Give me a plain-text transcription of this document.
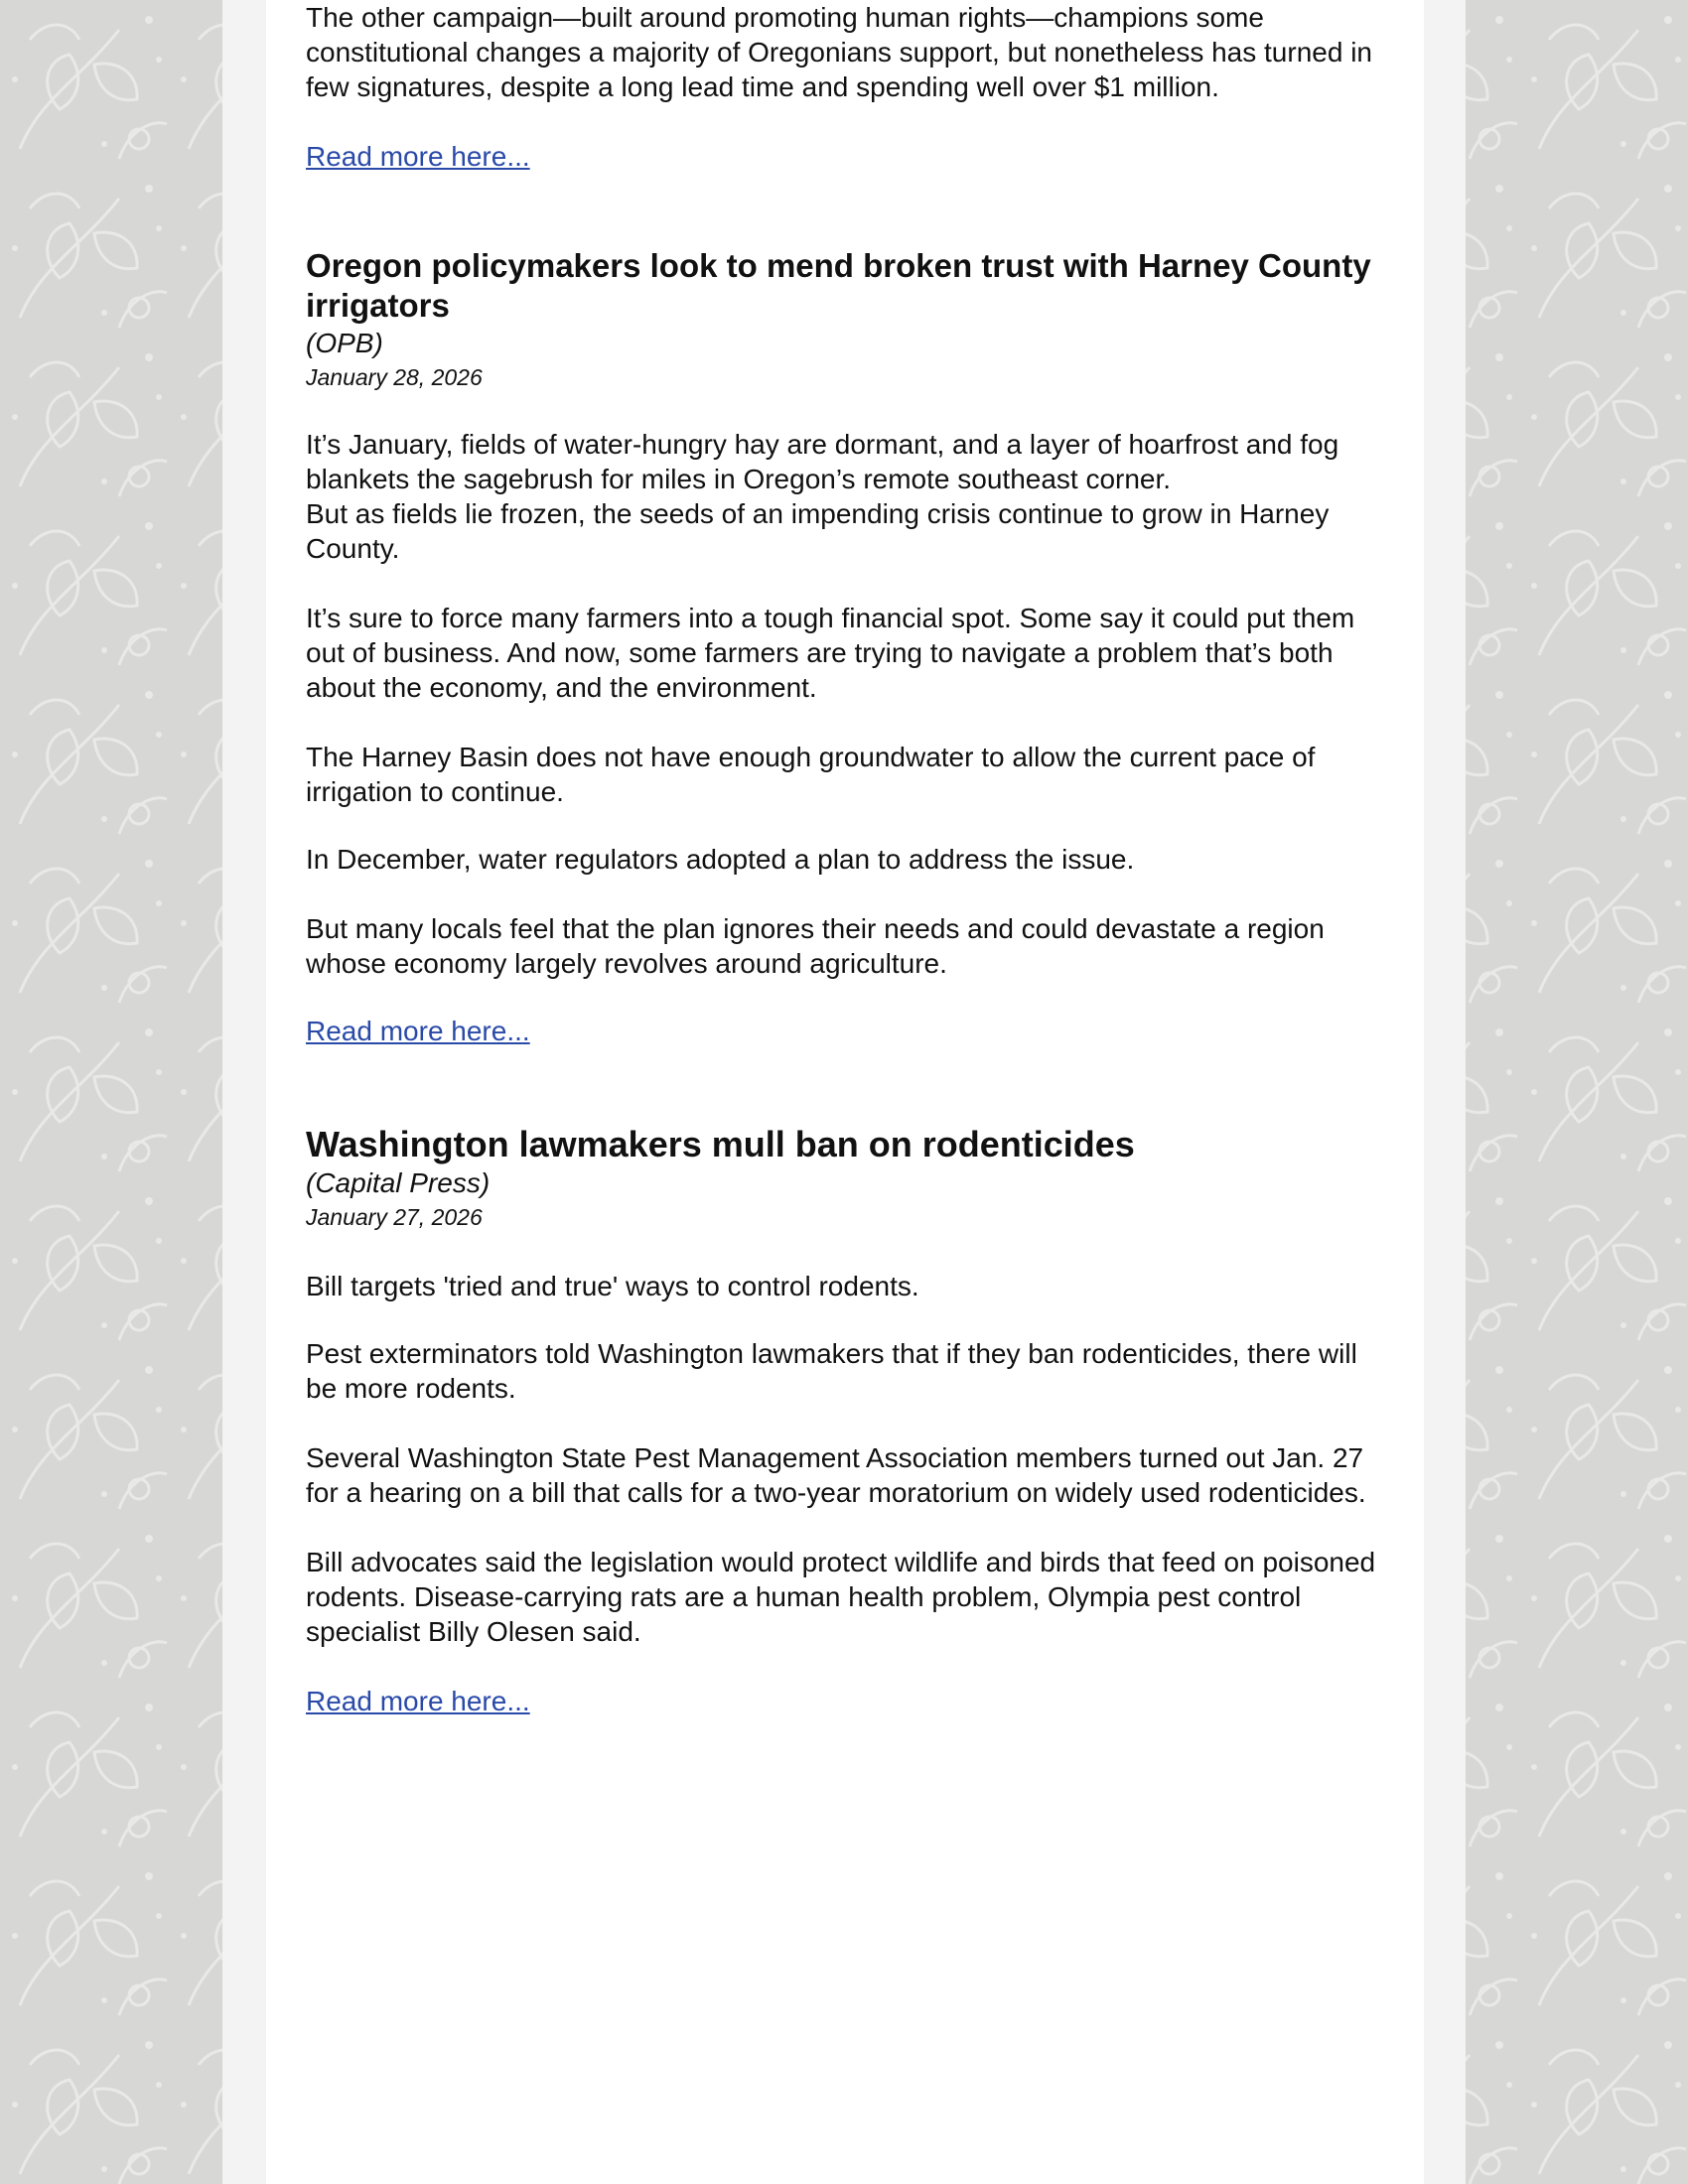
The other campaign—built around promoting human rights—champions some constitutional changes a majority of Oregonians support, but nonetheless has turned in few signatures, despite a long lead time and spending well over $1 million.

Read more here...
Oregon policymakers look to mend broken trust with Harney County irrigators
(OPB)
January 28, 2026

It’s January, fields of water-hungry hay are dormant, and a layer of hoarfrost and fog blankets the sagebrush for miles in Oregon’s remote southeast corner.

But as fields lie frozen, the seeds of an impending crisis continue to grow in Harney County.

It’s sure to force many farmers into a tough financial spot. Some say it could put them out of business. And now, some farmers are trying to navigate a problem that’s both about the economy, and the environment.

The Harney Basin does not have enough groundwater to allow the current pace of irrigation to continue.

In December, water regulators adopted a plan to address the issue.

But many locals feel that the plan ignores their needs and could devastate a region whose economy largely revolves around agriculture.

Read more here...
Washington lawmakers mull ban on rodenticides
(Capital Press)
January 27, 2026

Bill targets 'tried and true' ways to control rodents.

Pest exterminators told Washington lawmakers that if they ban rodenticides, there will be more rodents.

Several Washington State Pest Management Association members turned out Jan. 27 for a hearing on a bill that calls for a two-year moratorium on widely used rodenticides.

Bill advocates said the legislation would protect wildlife and birds that feed on poisoned rodents. Disease-carrying rats are a human health problem, Olympia pest control specialist Billy Olesen said.

Read more here...
